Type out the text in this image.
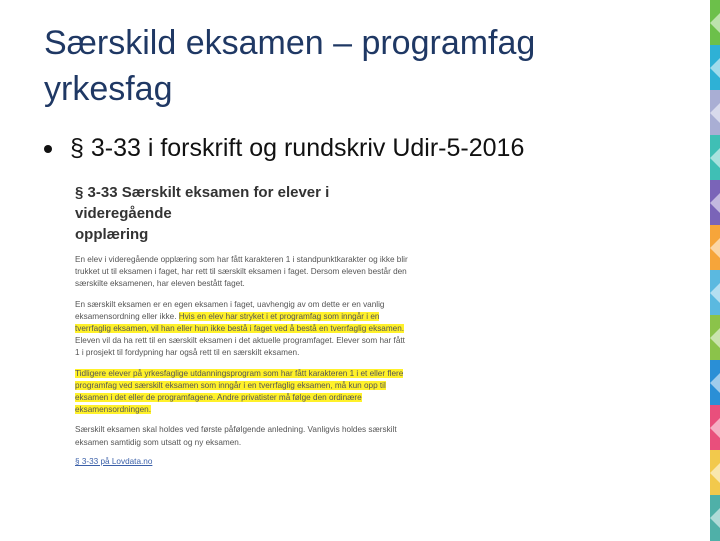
Særskild eksamen – programfag
yrkesfag
§ 3-33 i forskrift og rundskriv Udir-5-2016
§ 3-33 Særskilt eksamen for elever i videregående
opplæring
En elev i videregående opplæring som har fått karakteren 1 i standpunktkarakter og ikke blir
trukket ut til eksamen i faget, har rett til særskilt eksamen i faget. Dersom eleven består den
særskilte eksamenen, har eleven bestått faget.
En særskilt eksamen er en egen eksamen i faget, uavhengig av om dette er en vanlig
eksamensordning eller ikke. Hvis en elev har stryket i et programfag som inngår i en
tverrfaglig eksamen, vil han eller hun ikke bestå i faget ved å bestå en tverrfaglig eksamen.
Eleven vil da ha rett til en særskilt eksamen i det aktuelle programfaget. Elever som har fått
1 i prosjekt til fordypning har også rett til en særskilt eksamen.
Tidligere elever på yrkesfaglige utdanningsprogram som har fått karakteren 1 i et eller flere
programfag ved særskilt eksamen som inngår i en tverrfaglig eksamen, må kun opp til
eksamen i det eller de programfagene. Andre privatister må følge den ordinære
eksamensordningen.
Særskilt eksamen skal holdes ved første påfølgende anledning. Vanligvis holdes særskilt
eksamen samtidig som utsatt og ny eksamen.
§ 3-33 på Lovdata.no
